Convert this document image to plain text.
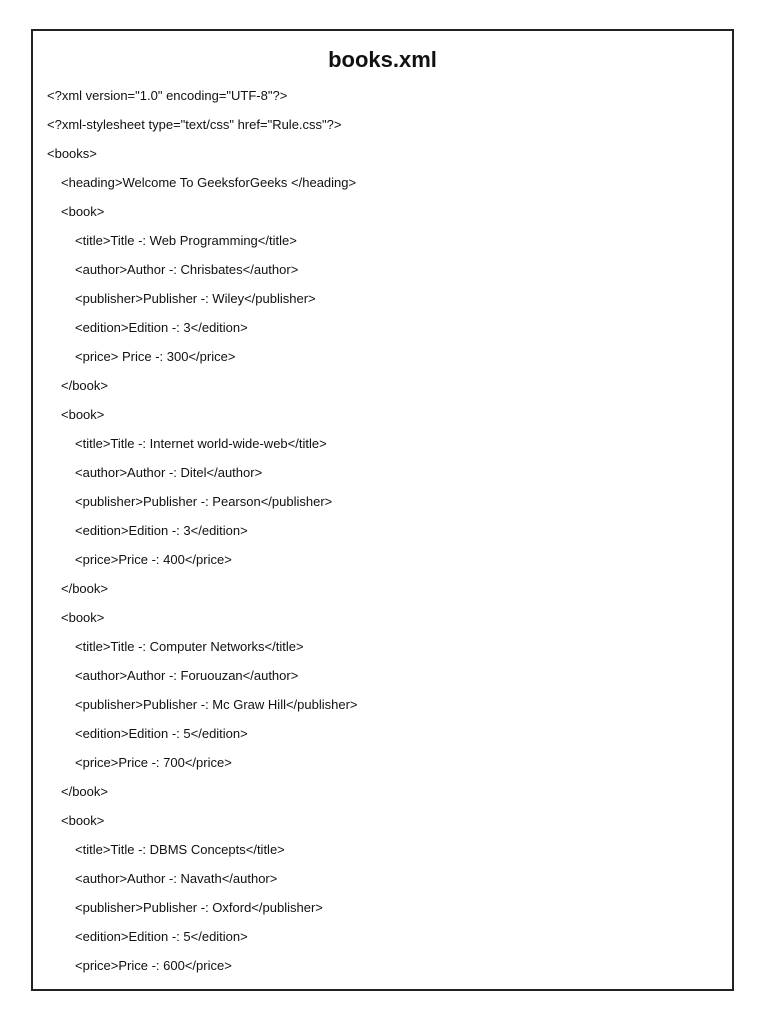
books.xml
<?xml version="1.0" encoding="UTF-8"?>
<?xml-stylesheet type="text/css" href="Rule.css"?>
<books>
<heading>Welcome To GeeksforGeeks </heading>
<book>
<title>Title -: Web Programming</title>
<author>Author -: Chrisbates</author>
<publisher>Publisher -: Wiley</publisher>
<edition>Edition -: 3</edition>
<price> Price -: 300</price>
</book>
<book>
<title>Title -: Internet world-wide-web</title>
<author>Author -: Ditel</author>
<publisher>Publisher -: Pearson</publisher>
<edition>Edition -: 3</edition>
<price>Price -: 400</price>
</book>
<book>
<title>Title -: Computer Networks</title>
<author>Author -: Foruouzan</author>
<publisher>Publisher -: Mc Graw Hill</publisher>
<edition>Edition -: 5</edition>
<price>Price -: 700</price>
</book>
<book>
<title>Title -: DBMS Concepts</title>
<author>Author -: Navath</author>
<publisher>Publisher -: Oxford</publisher>
<edition>Edition -: 5</edition>
<price>Price -: 600</price>
